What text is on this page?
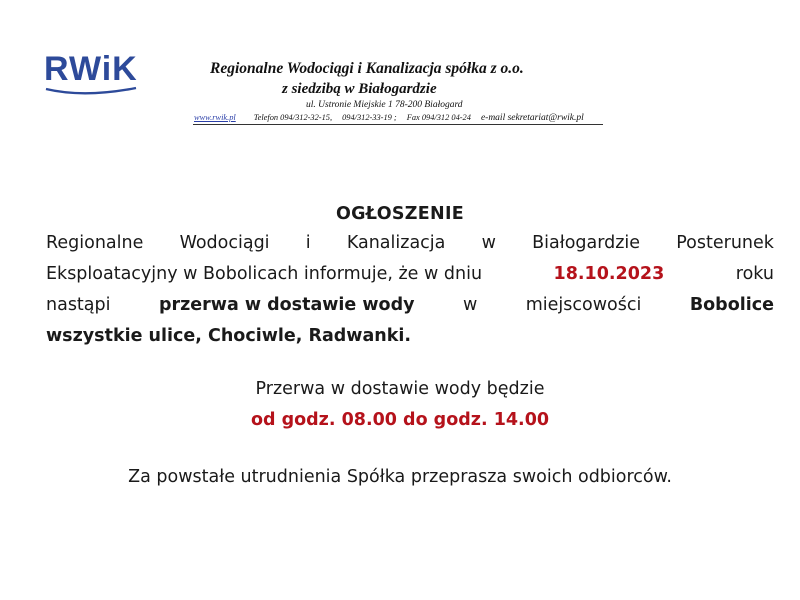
RWiK	Regionalne Wodociągi i Kanalizacja spółka z o.o.
z siedzibą w Białogardzie
ul. Ustronie Miejskie 1 78-200 Białogard
www.rwik.pl Telefon 094/312-32-15, 094/312-33-19 ; Fax 094/312 04-24 e-mail sekretariat@rwik.pl
OGŁOSZENIE
Regionalne Wodociągi i Kanalizacja w Białogardzie Posterunek
Eksploatacyjny w Bobolicach informuje, że w dniu	18.10.2023	roku
nastąpi	przerwa w dostawie wody	w	miejscowości	Bobolice
wszystkie ulice, Chociwle, Radwanki.
Przerwa w dostawie wody będzie
od godz. 08.00 do godz. 14.00
Za powstałe utrudnienia Spółka przeprasza swoich odbiorców.
